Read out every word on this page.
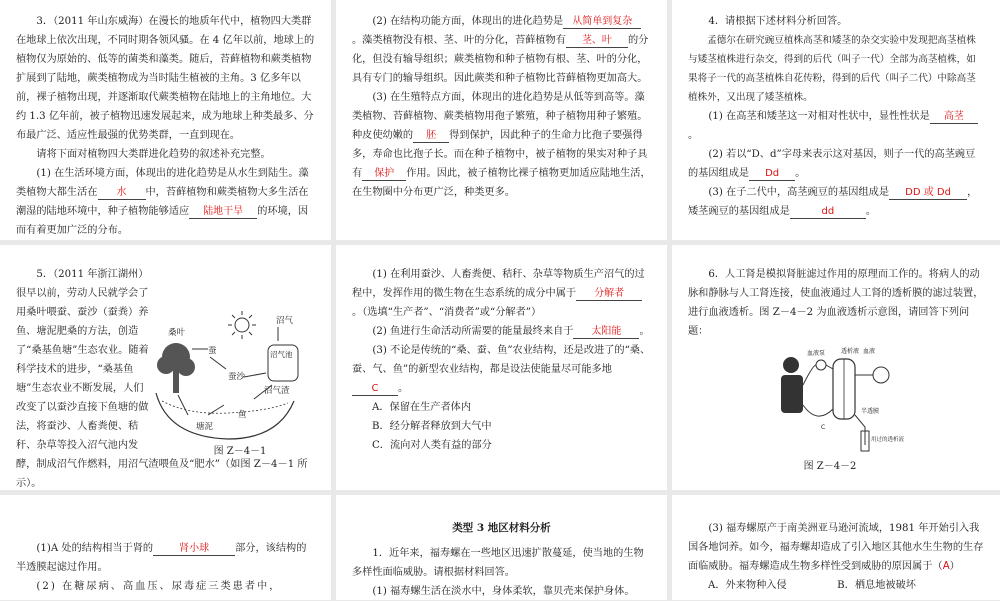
3．（2011 年山东威海）在漫长的地质年代中，植物四大类群在地球上依次出现，不同时期各领风骚。在 4 亿年以前，地球上的植物仅为原始的、低等的菌类和藻类。随后，苔藓植物和蕨类植物扩展到了陆地，蕨类植物成为当时陆生植被的主角。3 亿多年以前，裸子植物出现，并逐渐取代蕨类植物在陆地上的主角地位。大约 1.3 亿年前，被子植物迅速发展起来，成为地球上种类最多、分布最广泛、适应性最强的优势类群，一直到现在。

请将下面对植物四大类群进化趋势的叙述补充完整。

(1) 在生活环境方面，体现出的进化趋势是从水生到陆生。藻类植物大都生活在 水 中，苔藓植物和蕨类植物大多生活在潮湿的陆地环境中，种子植物能够适应 陆地干旱 的环境，因而有着更加广泛的分布。

(2) 在结构功能方面，体现出的进化趋势是 从简单到复杂。藻类植物没有根、茎、叶的分化，苔藓植物有 茎、叶 的分化，但没有输导组织；蕨类植物和种子植物有根、茎、叶的分化，具有专门的输导组织。因此蕨类和种子植物比苔藓植物更加高大。

(3) 在生殖特点方面，体现出的进化趋势是从低等到高等。藻类植物、苔藓植物、蕨类植物用孢子繁殖，种子植物用种子繁殖。种皮使幼嫩的 胚 得到保护，因此种子的生命力比孢子要强得多，寿命也比孢子长。而在种子植物中，被子植物的果实对种子具有 保护 作用。因此，被子植物比裸子植物更加适应陆地生活，在生物圈中分布更广泛，种类更多。

4．请根据下述材料分析回答。

孟德尔在研究豌豆植株高茎和矮茎的杂交实验中发现把高茎植株与矮茎植株进行杂交，得到的后代（叫子一代）全部为高茎植株，如果将子一代的高茎植株自花传粉，得到的后代（叫子二代）中除高茎植株外，又出现了矮茎植株。

(1) 在高茎和矮茎这一对相对性状中，显性性状是 高茎。

(2) 若以“D、d”字母来表示这对基因，则子一代的高茎豌豆的基因组成是 Dd 。

(3) 在子二代中，高茎豌豆的基因组成是 DD 或 Dd ，矮茎豌豆的基因组成是	dd	。

5．（2011 年浙江湖州）很早以前，劳动人民就学会了用桑叶喂蚕、蚕沙（蚕粪）养鱼、塘泥肥桑的方法，创造了“桑基鱼塘”生态农业。随着科学技术的进步，“桑基鱼塘”生态农业不断发展，人们改变了以蚕沙直接下鱼塘的做法，将蚕沙、人畜粪便、秸秆、杂草等投入沼气池内发酵，制成沼气作燃料，用沼气渣喂鱼及“肥水”（如图 Z－4－1 所示）。

桑叶
蚕
蚕沙
沼气
沼气池
沼气渣
鱼
塘泥
图 Z－4－1

(1) 在利用蚕沙、人畜粪便、秸秆、杂草等物质生产沼气的过程中，发挥作用的微生物在生态系统的成分中属于 分解者。（选填“生产者”、“消费者”或“分解者”）

(2) 鱼进行生命活动所需要的能量最终来自于 太阳能 。

(3) 不论是传统的“桑、蚕、鱼”农业结构，还是改进了的“桑、蚕、气、鱼”的新型农业结构，都是设法使能量尽可能多地C 。

A．保留在生产者体内

B．经分解者释放到大气中

C．流向对人类有益的部分

6．人工肾是模拟肾脏滤过作用的原理而工作的。将病人的动脉和静脉与人工肾连接，使血液通过人工肾的透析膜的滤过装置，进行血液透析。图 Z－4－2 为血液透析示意图，请回答下列问题：

血液泵	透析液 血液
半透膜
用过的透析液
C
图 Z－4－2

(1)A 处的结构相当于肾的	肾小球	部分，该结构的半透膜起滤过作用。

(2) 在糖尿病、高血压、尿毒症三类患者中，

类型 3 地区材料分析

1．近年来，福寿螺在一些地区迅速扩散蔓延，使当地的生物多样性面临威胁。请根据材料回答。

(1) 福寿螺生活在淡水中，身体柔软，靠贝壳来保护身体。

(3) 福寿螺原产于南美洲亚马逊河流域，1981 年开始引入我国各地饲养。如今，福寿螺却造成了引入地区其他水生生物的生存面临威胁。福寿螺造成生物多样性受到威胁的原因属于（A）

A．外来物种入侵	B．栖息地被破坏
